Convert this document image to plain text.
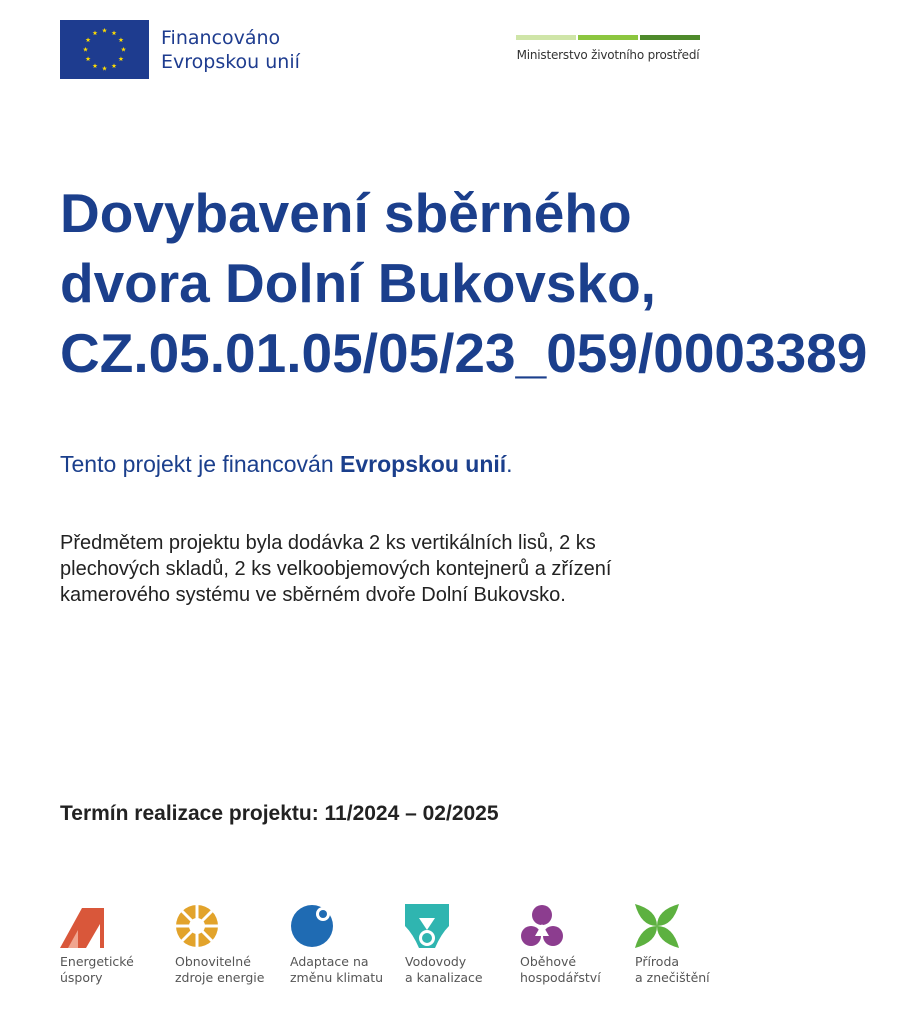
Financováno
Evropskou unií	Ministerstvo životního prostředí
Dovybavení sběrného
dvora Dolní Bukovsko,
CZ.05.01.05/05/23_059/0003389
Tento projekt je financován Evropskou unií.
Předmětem projektu byla dodávka 2 ks vertikálních lisů, 2 ks
plechových skladů, 2 ks velkoobjemových kontejnerů a zřízení
kamerového systému ve sběrném dvoře Dolní Bukovsko.
Termín realizace projektu: 11/2024 – 02/2025
Energetické
úspory
Obnovitelné
zdroje energie
Adaptace na
změnu klimatu
Vodovody
a kanalizace
Oběhové
hospodářství
Příroda
a znečištění
